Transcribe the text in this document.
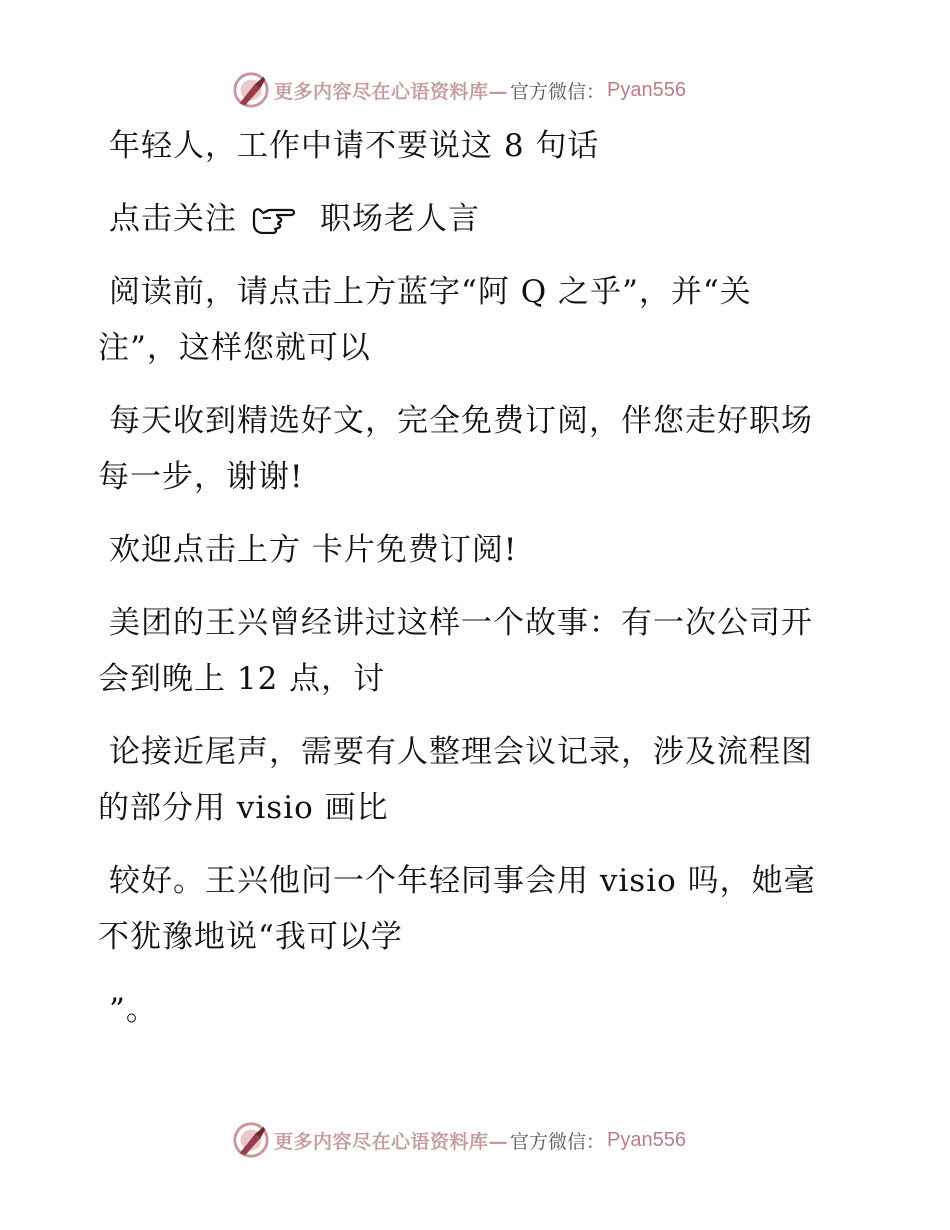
更多内容尽在心语资料库— 官方微信： Pyan556

年轻人，工作中请不要说这 8 句话

点击关注	职场老人言

阅读前，请点击上方蓝字“阿 Q 之乎”，并“关注”，这样您就可以

每天收到精选好文，完全免费订阅，伴您走好职场每一步，谢谢!

欢迎点击上方 卡片免费订阅!

美团的王兴曾经讲过这样一个故事：有一次公司开会到晚上 12 点，讨

论接近尾声，需要有人整理会议记录，涉及流程图的部分用 visio 画比

较好。王兴他问一个年轻同事会用 visio 吗，她毫不犹豫地说“我可以学

”。

更多内容尽在心语资料库— 官方微信： Pyan556
